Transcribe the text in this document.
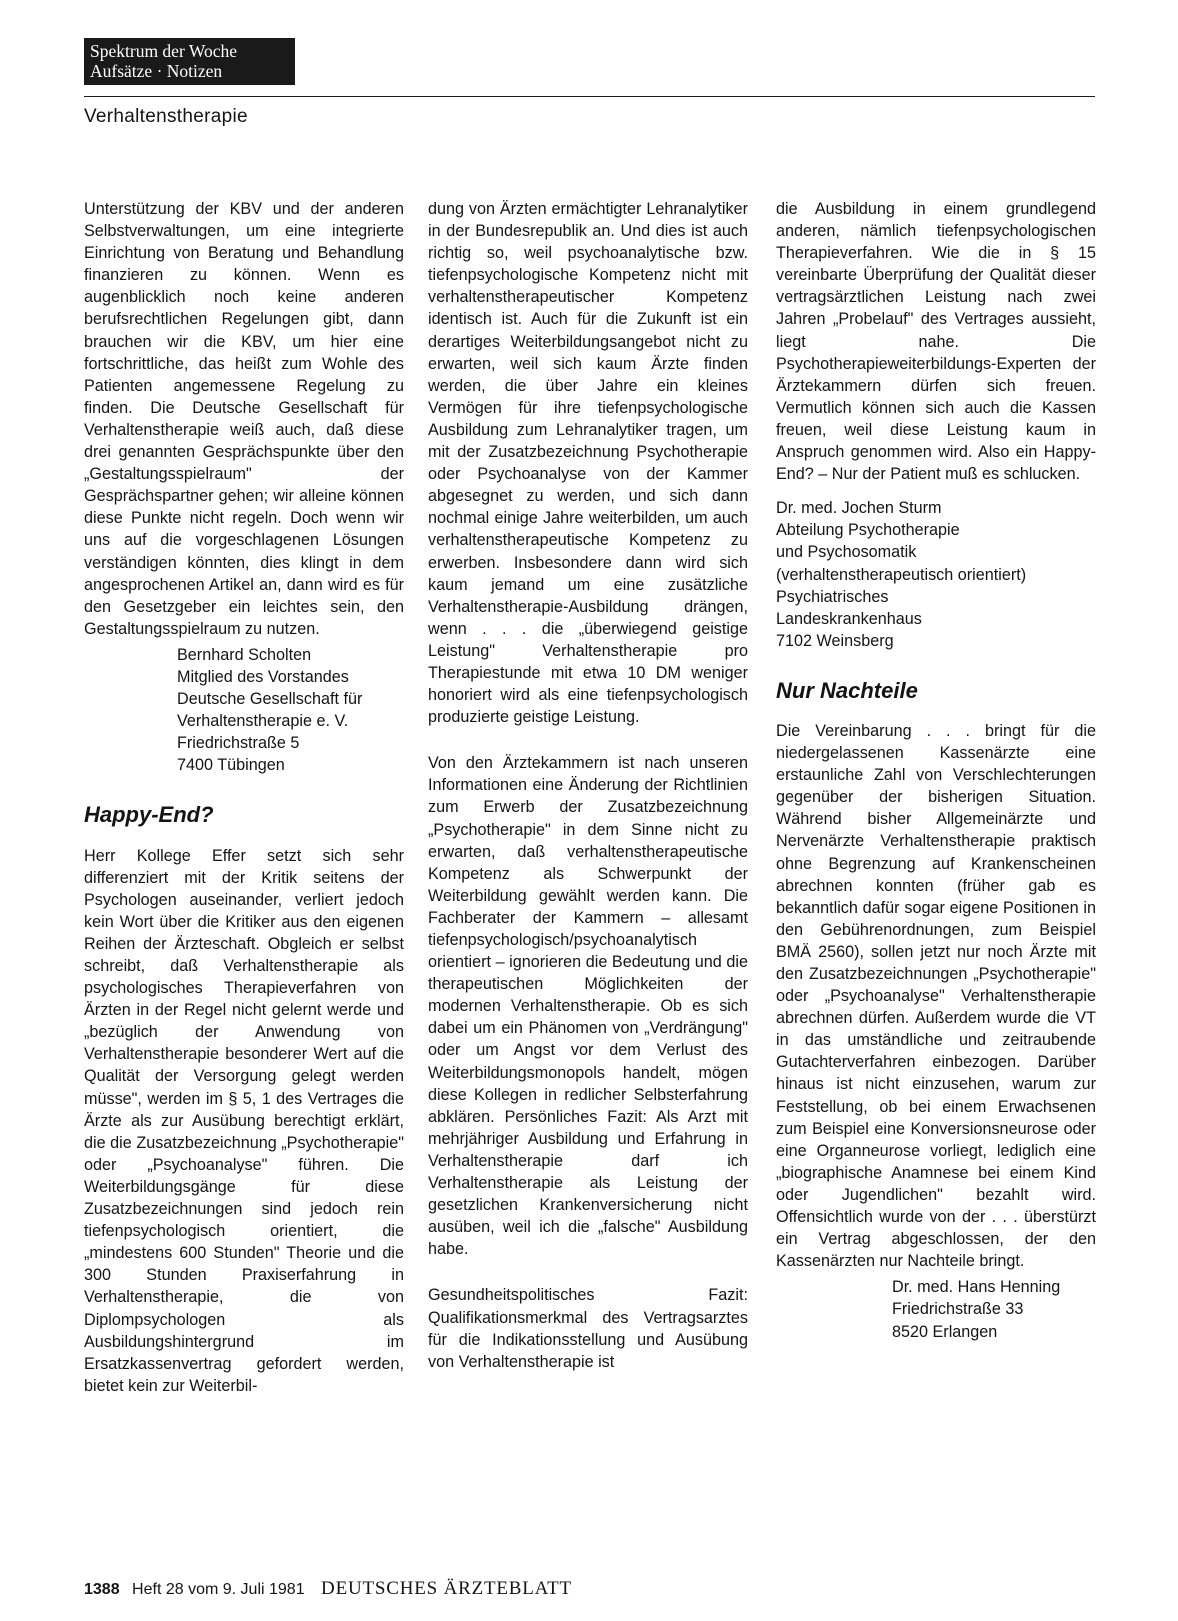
Spektrum der Woche
Aufsätze · Notizen
Verhaltenstherapie

Unterstützung der KBV und der anderen Selbstverwaltungen, um eine integrierte Einrichtung von Beratung und Behandlung finanzieren zu können. Wenn es augenblicklich noch keine anderen berufsrechtlichen Regelungen gibt, dann brauchen wir die KBV, um hier eine fortschrittliche, das heißt zum Wohle des Patienten angemessene Regelung zu finden. Die Deutsche Gesellschaft für Verhaltenstherapie weiß auch, daß diese drei genannten Gesprächspunkte über den „Gestaltungsspielraum" der Gesprächspartner gehen; wir alleine können diese Punkte nicht regeln. Doch wenn wir uns auf die vorgeschlagenen Lösungen verständigen könnten, dies klingt in dem angesprochenen Artikel an, dann wird es für den Gesetzgeber ein leichtes sein, den Gestaltungsspielraum zu nutzen.

Bernhard Scholten
Mitglied des Vorstandes
Deutsche Gesellschaft für
Verhaltenstherapie e. V.
Friedrichstraße 5
7400 Tübingen
Happy-End?

Herr Kollege Effer setzt sich sehr differenziert mit der Kritik seitens der Psychologen auseinander, verliert jedoch kein Wort über die Kritiker aus den eigenen Reihen der Ärzteschaft. Obgleich er selbst schreibt, daß Verhaltenstherapie als psychologisches Therapieverfahren von Ärzten in der Regel nicht gelernt werde und „bezüglich der Anwendung von Verhaltenstherapie besonderer Wert auf die Qualität der Versorgung gelegt werden müsse", werden im § 5, 1 des Vertrages die Ärzte als zur Ausübung berechtigt erklärt, die die Zusatzbezeichnung „Psychotherapie" oder „Psychoanalyse" führen. Die Weiterbildungsgänge für diese Zusatzbezeichnungen sind jedoch rein tiefenpsychologisch orientiert, die „mindestens 600 Stunden" Theorie und die 300 Stunden Praxiserfahrung in Verhaltenstherapie, die von Diplompsychologen als Ausbildungshintergrund im Ersatzkassenvertrag gefordert werden, bietet kein zur Weiterbil-

dung von Ärzten ermächtigter Lehranalytiker in der Bundesrepublik an. Und dies ist auch richtig so, weil psychoanalytische bzw. tiefenpsychologische Kompetenz nicht mit verhaltenstherapeutischer Kompetenz identisch ist. Auch für die Zukunft ist ein derartiges Weiterbildungsangebot nicht zu erwarten, weil sich kaum Ärzte finden werden, die über Jahre ein kleines Vermögen für ihre tiefenpsychologische Ausbildung zum Lehranalytiker tragen, um mit der Zusatzbezeichnung Psychotherapie oder Psychoanalyse von der Kammer abgesegnet zu werden, und sich dann nochmal einige Jahre weiterbilden, um auch verhaltenstherapeutische Kompetenz zu erwerben. Insbesondere dann wird sich kaum jemand um eine zusätzliche Verhaltenstherapie-Ausbildung drängen, wenn . . . die „überwiegend geistige Leistung" Verhaltenstherapie pro Therapiestunde mit etwa 10 DM weniger honoriert wird als eine tiefenpsychologisch produzierte geistige Leistung.

Von den Ärztekammern ist nach unseren Informationen eine Änderung der Richtlinien zum Erwerb der Zusatzbezeichnung „Psychotherapie" in dem Sinne nicht zu erwarten, daß verhaltenstherapeutische Kompetenz als Schwerpunkt der Weiterbildung gewählt werden kann. Die Fachberater der Kammern – allesamt tiefenpsychologisch/psychoanalytisch orientiert – ignorieren die Bedeutung und die therapeutischen Möglichkeiten der modernen Verhaltenstherapie. Ob es sich dabei um ein Phänomen von „Verdrängung" oder um Angst vor dem Verlust des Weiterbildungsmonopols handelt, mögen diese Kollegen in redlicher Selbsterfahrung abklären. Persönliches Fazit: Als Arzt mit mehrjähriger Ausbildung und Erfahrung in Verhaltenstherapie darf ich Verhaltenstherapie als Leistung der gesetzlichen Krankenversicherung nicht ausüben, weil ich die „falsche" Ausbildung habe.

Gesundheitspolitisches Fazit: Qualifikationsmerkmal des Vertragsarztes für die Indikationsstellung und Ausübung von Verhaltenstherapie ist

die Ausbildung in einem grundlegend anderen, nämlich tiefenpsychologischen Therapieverfahren. Wie die in § 15 vereinbarte Überprüfung der Qualität dieser vertragsärztlichen Leistung nach zwei Jahren „Probelauf" des Vertrages aussieht, liegt nahe. Die Psychotherapieweiterbildungs-Experten der Ärztekammern dürfen sich freuen. Vermutlich können sich auch die Kassen freuen, weil diese Leistung kaum in Anspruch genommen wird. Also ein Happy-End? – Nur der Patient muß es schlucken.

Dr. med. Jochen Sturm
Abteilung Psychotherapie
und Psychosomatik
(verhaltenstherapeutisch orientiert)
Psychiatrisches
Landeskrankenhaus
7102 Weinsberg
Nur Nachteile

Die Vereinbarung . . . bringt für die niedergelassenen Kassenärzte eine erstaunliche Zahl von Verschlechterungen gegenüber der bisherigen Situation. Während bisher Allgemeinärzte und Nervenärzte Verhaltenstherapie praktisch ohne Begrenzung auf Krankenscheinen abrechnen konnten (früher gab es bekanntlich dafür sogar eigene Positionen in den Gebührenordnungen, zum Beispiel BMÄ 2560), sollen jetzt nur noch Ärzte mit den Zusatzbezeichnungen „Psychotherapie" oder „Psychoanalyse" Verhaltenstherapie abrechnen dürfen. Außerdem wurde die VT in das umständliche und zeitraubende Gutachterverfahren einbezogen. Darüber hinaus ist nicht einzusehen, warum zur Feststellung, ob bei einem Erwachsenen zum Beispiel eine Konversionsneurose oder eine Organneurose vorliegt, lediglich eine „biographische Anamnese bei einem Kind oder Jugendlichen" bezahlt wird. Offensichtlich wurde von der . . . überstürzt ein Vertrag abgeschlossen, der den Kassenärzten nur Nachteile bringt.

Dr. med. Hans Henning
Friedrichstraße 33
8520 Erlangen
1388 Heft 28 vom 9. Juli 1981 DEUTSCHES ÄRZTEBLATT
